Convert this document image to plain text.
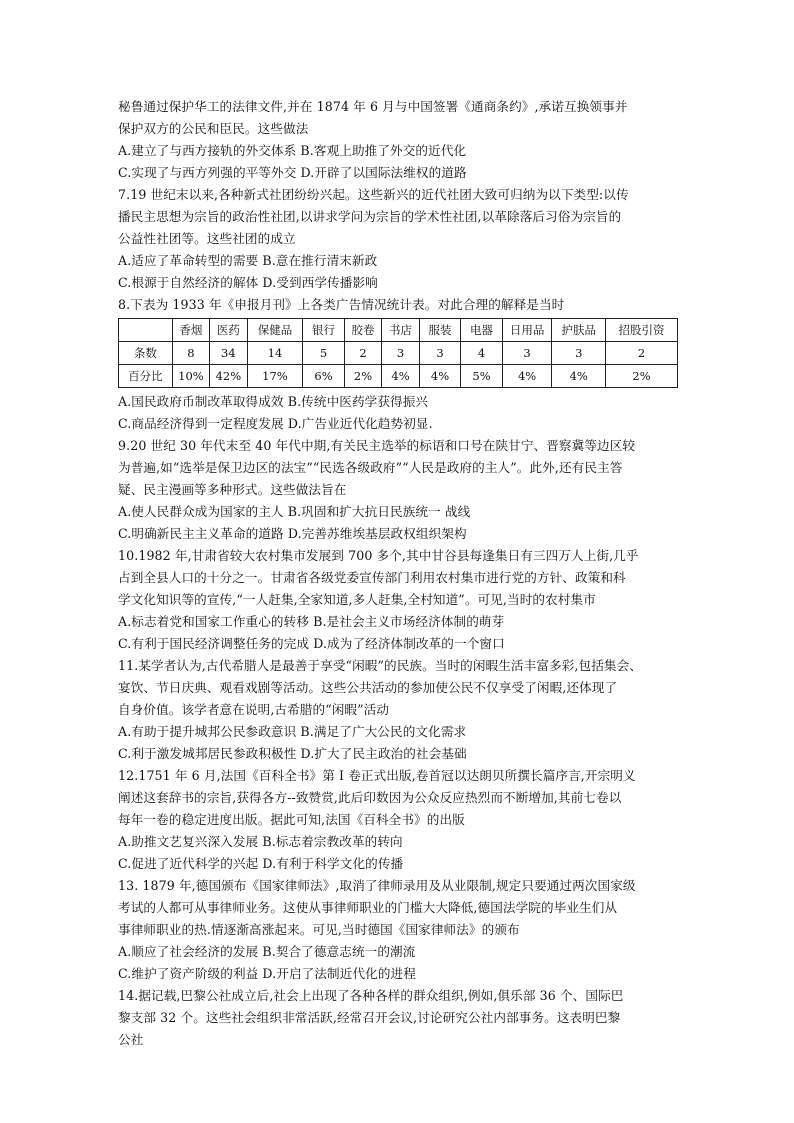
秘鲁通过保护华工的法律文件,并在 1874 年 6 月与中国签署《通商条约》,承诺互换领事并
保护双方的公民和臣民。这些做法
A.建立了与西方接轨的外交体系 B.客观上助推了外交的近代化
C.实现了与西方列强的平等外交 D.开辟了以国际法维权的道路
7.19 世纪末以来,各种新式社团纷纷兴起。这些新兴的近代社团大致可归纳为以下类型:以传
播民主思想为宗旨的政治性社团,以讲求学问为宗旨的学术性社团,以革除落后习俗为宗旨的
公益性社团等。这些社团的成立
A.适应了革命转型的需要 B.意在推行清末新政
C.根源于自然经济的解体 D.受到西学传播影响
8.下表为 1933 年《申报月刊》上各类广告情况统计表。对此合理的解释是当时
	香烟	医药	保健品	银行	胶卷	书店	服装	电器	日用品	护肤品	招股引资
条数	8	34	14	5	2	3	3	4	3	3	2
百分比	10%	42%	17%	6%	2%	4%	4%	5%	4%	4%	2%
A.国民政府币制改革取得成效 B.传统中医药学获得振兴
C.商品经济得到一定程度发展 D.广告业近代化趋势初显.
9.20 世纪 30 年代末至 40 年代中期,有关民主选举的标语和口号在陕甘宁、晋察冀等边区较
为普遍,如“选举是保卫边区的法宝”“民选各级政府”“人民是政府的主人”。此外,还有民主答
疑、民主漫画等多种形式。这些做法旨在
A.使人民群众成为国家的主人 B.巩固和扩大抗日民族统一 战线
C.明确新民主主义革命的道路 D.完善苏维埃基层政权组织架构
10.1982 年,甘肃省较大农村集市发展到 700 多个,其中甘谷县每逢集日有三四万人上街,几乎
占到全县人口的十分之一。甘肃省各级党委宣传部门利用农村集市进行党的方针、政策和科
学文化知识等的宣传,“一人赶集,全家知道,多人赶集,全村知道”。可见,当时的农村集市
A.标志着党和国家工作重心的转移 B.是社会主义市场经济体制的萌芽
C.有利于国民经济调整任务的完成 D.成为了经济体制改革的一个窗口
11.某学者认为,古代希腊人是最善于享受“闲暇”的民族。当时的闲暇生活丰富多彩,包括集会、
宴饮、节日庆典、观看戏剧等活动。这些公共活动的参加使公民不仅享受了闲暇,还体现了
自身价值。该学者意在说明,古希腊的“闲暇”活动
A.有助于提升城邦公民参政意识 B.满足了广大公民的文化需求
C.利于激发城邦居民参政积极性 D.扩大了民主政治的社会基础
12.1751 年 6 月,法国《百科全书》第 I 卷正式出版,卷首冠以达朗贝所撰长篇序言,开宗明义
阐述这套辞书的宗旨,获得各方--致赞赏,此后印数因为公众反应热烈而不断增加,其前七卷以
每年一卷的稳定进度出版。据此可知,法国《百科全书》的出版
A.助推文艺复兴深入发展 B.标志着宗教改革的转向
C.促进了近代科学的兴起 D.有利于科学文化的传播
13. 1879 年,德国颁布《国家律师法》,取消了律师录用及从业限制,规定只要通过两次国家级
考试的人都可从事律师业务。这使从事律师职业的门槛大大降低,德国法学院的毕业生们从
事律师职业的热.情逐渐高涨起来。可见,当时德国《国家律师法》的颁布
A.顺应了社会经济的发展 B.契合了德意志统一的潮流
C.维护了资产阶级的利益 D.开启了法制近代化的进程
14.据记载,巴黎公社成立后,社会上出现了各种各样的群众组织,例如,俱乐部 36 个、国际巴
黎支部 32 个。这些社会组织非常活跃,经常召开会议,讨论研究公社内部事务。这表明巴黎
公社
